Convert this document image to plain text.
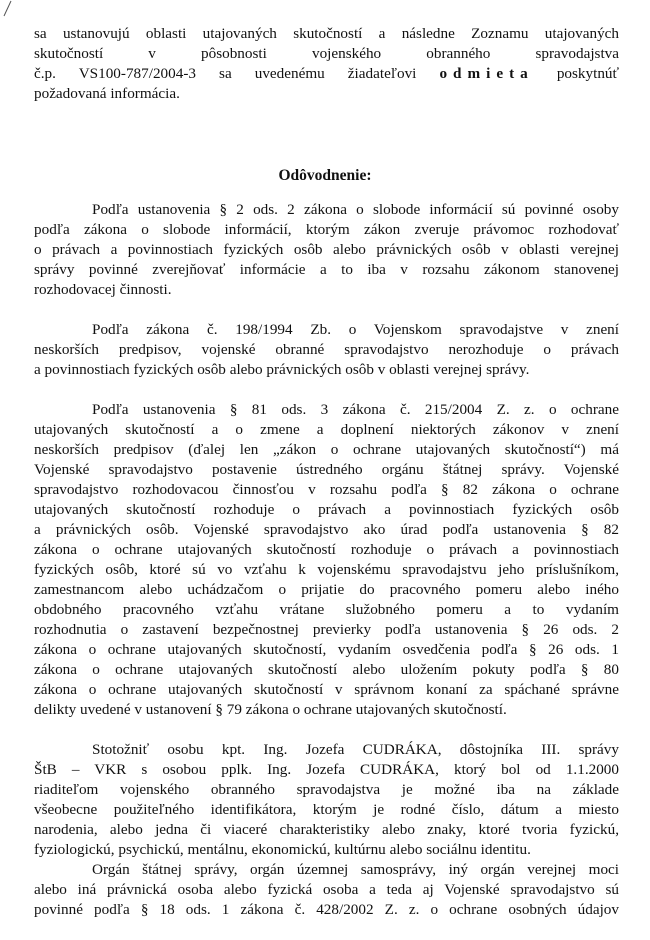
sa ustanovujú oblasti utajovaných skutočností a následne Zoznamu utajovaných
skutočností v pôsobnosti vojenského obranného spravodajstva
č.p. VS100-787/2004-3 sa uvedenému žiadateľovi odmieta poskytnúť
požadovaná informácia.
Odôvodnenie:
Podľa ustanovenia § 2 ods. 2 zákona o slobode informácií sú povinné osoby
podľa zákona o slobode informácií, ktorým zákon zveruje právomoc rozhodovať
o právach a povinnostiach fyzických osôb alebo právnických osôb v oblasti verejnej
správy povinné zverejňovať informácie a to iba v rozsahu zákonom stanovenej
rozhodovacej činnosti.
Podľa zákona č. 198/1994 Zb. o Vojenskom spravodajstve v znení
neskorších predpisov, vojenské obranné spravodajstvo nerozhoduje o právach
a povinnostiach fyzických osôb alebo právnických osôb v oblasti verejnej správy.
Podľa ustanovenia § 81 ods. 3 zákona č. 215/2004 Z. z. o ochrane
utajovaných skutočností a o zmene a doplnení niektorých zákonov v znení
neskorších predpisov (ďalej len „zákon o ochrane utajovaných skutočností“) má
Vojenské spravodajstvo postavenie ústredného orgánu štátnej správy. Vojenské
spravodajstvo rozhodovacou činnosťou v rozsahu podľa § 82 zákona o ochrane
utajovaných skutočností rozhoduje o právach a povinnostiach fyzických osôb
a právnických osôb. Vojenské spravodajstvo ako úrad podľa ustanovenia § 82
zákona o ochrane utajovaných skutočností rozhoduje o právach a povinnostiach
fyzických osôb, ktoré sú vo vzťahu k vojenskému spravodajstvu jeho príslušníkom,
zamestnancom alebo uchádzačom o prijatie do pracovného pomeru alebo iného
obdobného pracovného vzťahu vrátane služobného pomeru a to vydaním
rozhodnutia o zastavení bezpečnostnej previerky podľa ustanovenia § 26 ods. 2
zákona o ochrane utajovaných skutočností, vydaním osvedčenia podľa § 26 ods. 1
zákona o ochrane utajovaných skutočností alebo uložením pokuty podľa § 80
zákona o ochrane utajovaných skutočností v správnom konaní za spáchané správne
delikty uvedené v ustanovení § 79 zákona o ochrane utajovaných skutočností.
Stotožniť osobu kpt. Ing. Jozefa CUDRÁKA, dôstojníka III. správy
ŠtB – VKR s osobou pplk. Ing. Jozefa CUDRÁKA, ktorý bol od 1.1.2000
riaditeľom vojenského obranného spravodajstva je možné iba na základe
všeobecne použiteľného identifikátora, ktorým je rodné číslo, dátum a miesto
narodenia, alebo jedna či viaceré charakteristiky alebo znaky, ktoré tvoria fyzickú,
fyziologickú, psychickú, mentálnu, ekonomickú, kultúrnu alebo sociálnu identitu.
Orgán štátnej správy, orgán územnej samosprávy, iný orgán verejnej moci
alebo iná právnická osoba alebo fyzická osoba a teda aj Vojenské spravodajstvo sú
povinné podľa § 18 ods. 1 zákona č. 428/2002 Z. z. o ochrane osobných údajov
